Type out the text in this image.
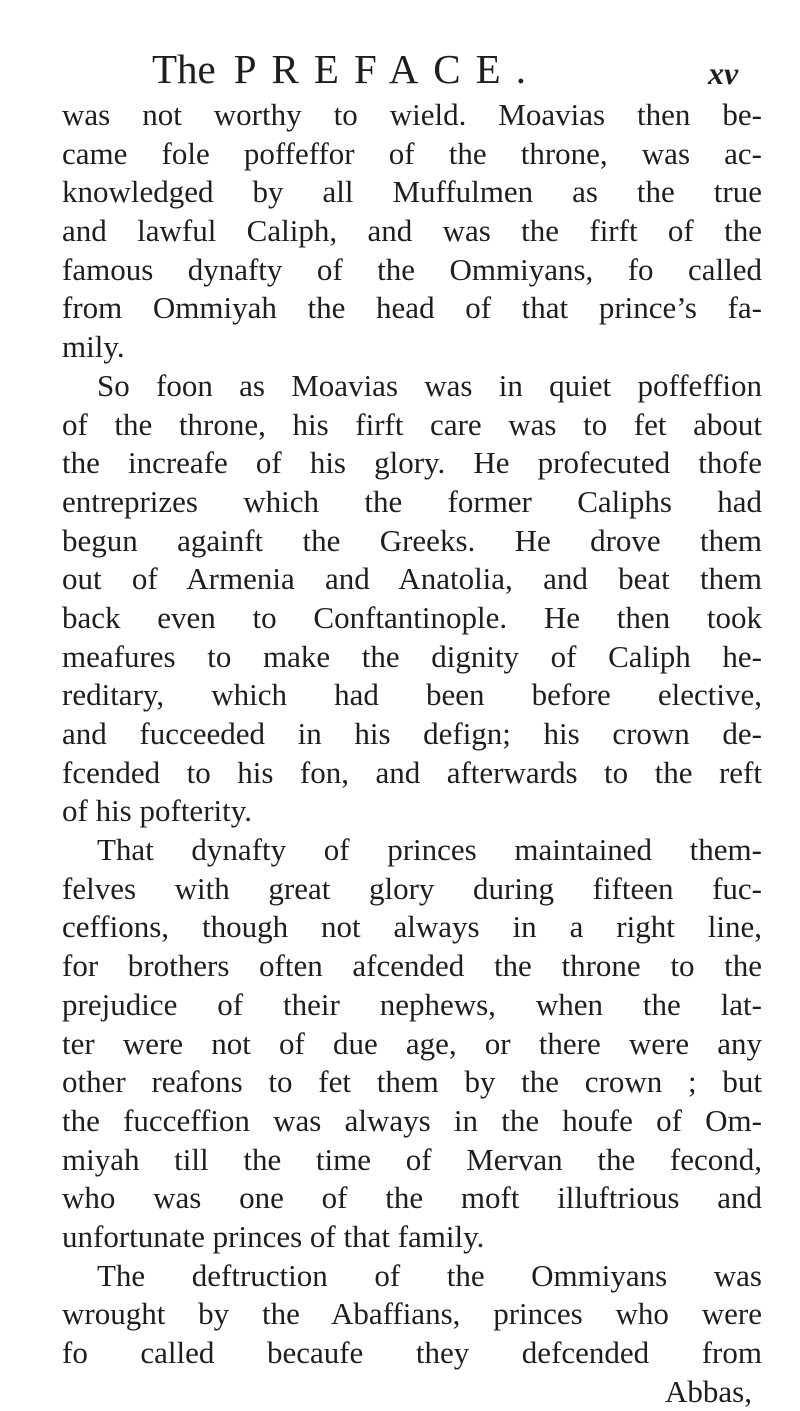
The PREFACE.	xv
was not worthy to wield. Moavias then be-
came fole poffeffor of the throne, was ac-
knowledged by all Muffulmen as the true
and lawful Caliph, and was the firft of the
famous dynafty of the Ommiyans, fo called
from Ommiyah the head of that prince’s fa-
mily.
So foon as Moavias was in quiet poffeffion
of the throne, his firft care was to fet about
the increafe of his glory. He profecuted thofe
entreprizes which the former Caliphs had
begun againft the Greeks. He drove them
out of Armenia and Anatolia, and beat them
back even to Conftantinople. He then took
meafures to make the dignity of Caliph he-
reditary, which had been before elective,
and fucceeded in his defign; his crown de-
fcended to his fon, and afterwards to the reft
of his pofterity.
That dynafty of princes maintained them-
felves with great glory during fifteen fuc-
ceffions, though not always in a right line,
for brothers often afcended the throne to the
prejudice of their nephews, when the lat-
ter were not of due age, or there were any
other reafons to fet them by the crown ; but
the fucceffion was always in the houfe of Om-
miyah till the time of Mervan the fecond,
who was one of the moft illuftrious and
unfortunate princes of that family.
The deftruction of the Ommiyans was
wrought by the Abaffians, princes who were
fo called becaufe they defcended from
Abbas,
